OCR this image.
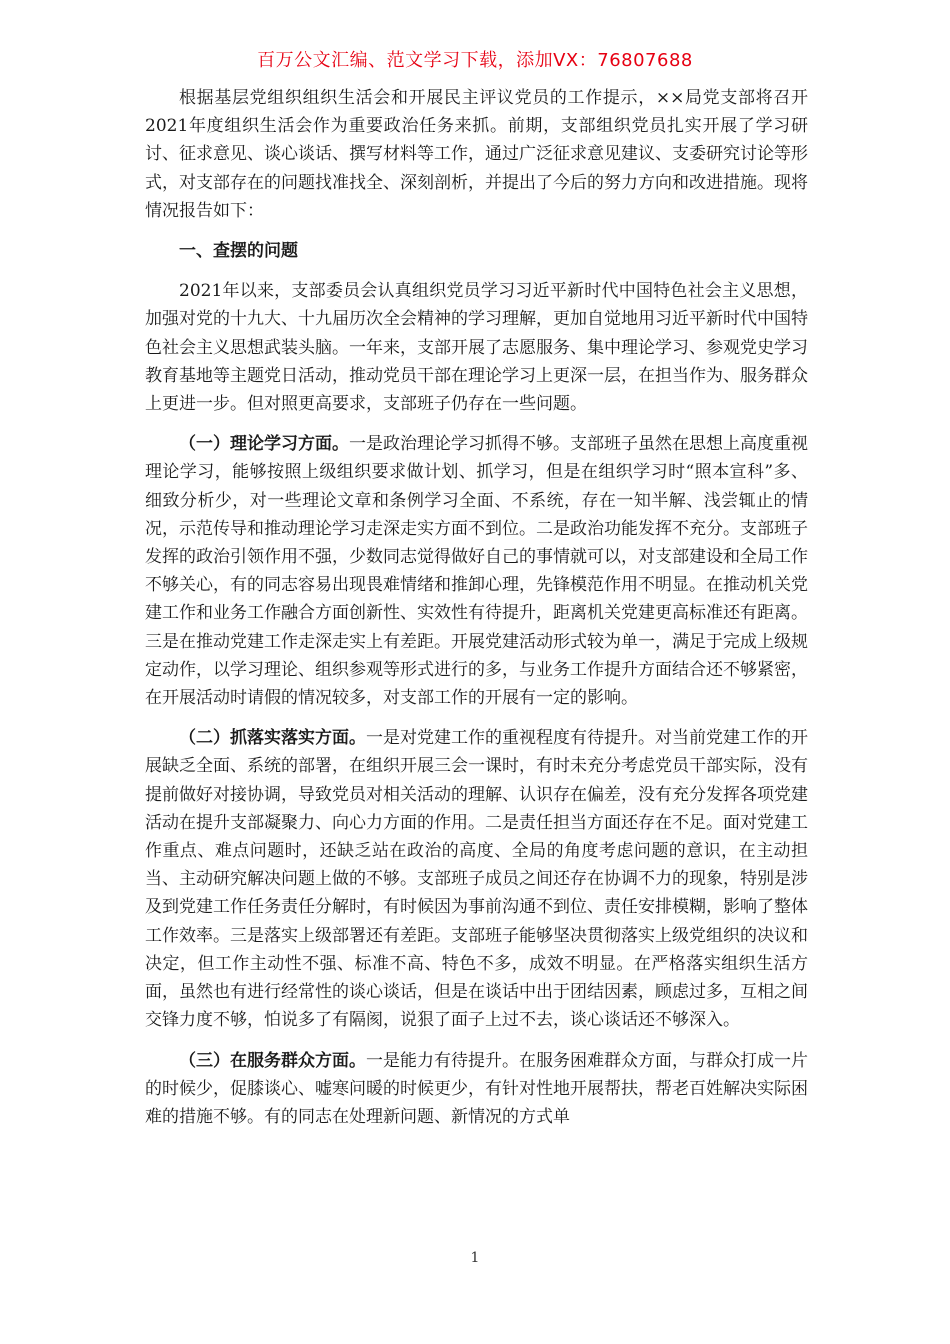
百万公文汇编、范文学习下载，添加VX：76807688

根据基层党组织组织生活会和开展民主评议党员的工作提示，××局党支部将召开2021年度组织生活会作为重要政治任务来抓。前期，支部组织党员扎实开展了学习研讨、征求意见、谈心谈话、撰写材料等工作，通过广泛征求意见建议、支委研究讨论等形式，对支部存在的问题找准找全、深刻剖析，并提出了今后的努力方向和改进措施。现将情况报告如下：

一、查摆的问题

2021年以来，支部委员会认真组织党员学习习近平新时代中国特色社会主义思想，加强对党的十九大、十九届历次全会精神的学习理解，更加自觉地用习近平新时代中国特色社会主义思想武装头脑。一年来，支部开展了志愿服务、集中理论学习、参观党史学习教育基地等主题党日活动，推动党员干部在理论学习上更深一层，在担当作为、服务群众上更进一步。但对照更高要求，支部班子仍存在一些问题。

（一）理论学习方面。一是政治理论学习抓得不够。支部班子虽然在思想上高度重视理论学习，能够按照上级组织要求做计划、抓学习，但是在组织学习时“照本宣科”多、细致分析少，对一些理论文章和条例学习全面、不系统，存在一知半解、浅尝辄止的情况，示范传导和推动理论学习走深走实方面不到位。二是政治功能发挥不充分。支部班子发挥的政治引领作用不强，少数同志觉得做好自己的事情就可以，对支部建设和全局工作不够关心，有的同志容易出现畏难情绪和推卸心理，先锋模范作用不明显。在推动机关党建工作和业务工作融合方面创新性、实效性有待提升，距离机关党建更高标准还有距离。三是在推动党建工作走深走实上有差距。开展党建活动形式较为单一，满足于完成上级规定动作，以学习理论、组织参观等形式进行的多，与业务工作提升方面结合还不够紧密，在开展活动时请假的情况较多，对支部工作的开展有一定的影响。

（二）抓落实落实方面。一是对党建工作的重视程度有待提升。对当前党建工作的开展缺乏全面、系统的部署，在组织开展三会一课时，有时未充分考虑党员干部实际，没有提前做好对接协调，导致党员对相关活动的理解、认识存在偏差，没有充分发挥各项党建活动在提升支部凝聚力、向心力方面的作用。二是责任担当方面还存在不足。面对党建工作重点、难点问题时，还缺乏站在政治的高度、全局的角度考虑问题的意识，在主动担当、主动研究解决问题上做的不够。支部班子成员之间还存在协调不力的现象，特别是涉及到党建工作任务责任分解时，有时候因为事前沟通不到位、责任安排模糊，影响了整体工作效率。三是落实上级部署还有差距。支部班子能够坚决贯彻落实上级党组织的决议和决定，但工作主动性不强、标准不高、特色不多，成效不明显。在严格落实组织生活方面，虽然也有进行经常性的谈心谈话，但是在谈话中出于团结因素，顾虑过多，互相之间交锋力度不够，怕说多了有隔阂，说狠了面子上过不去，谈心谈话还不够深入。

（三）在服务群众方面。一是能力有待提升。在服务困难群众方面，与群众打成一片的时候少，促膝谈心、嘘寒问暖的时候更少，有针对性地开展帮扶，帮老百姓解决实际困难的措施不够。有的同志在处理新问题、新情况的方式单

1
